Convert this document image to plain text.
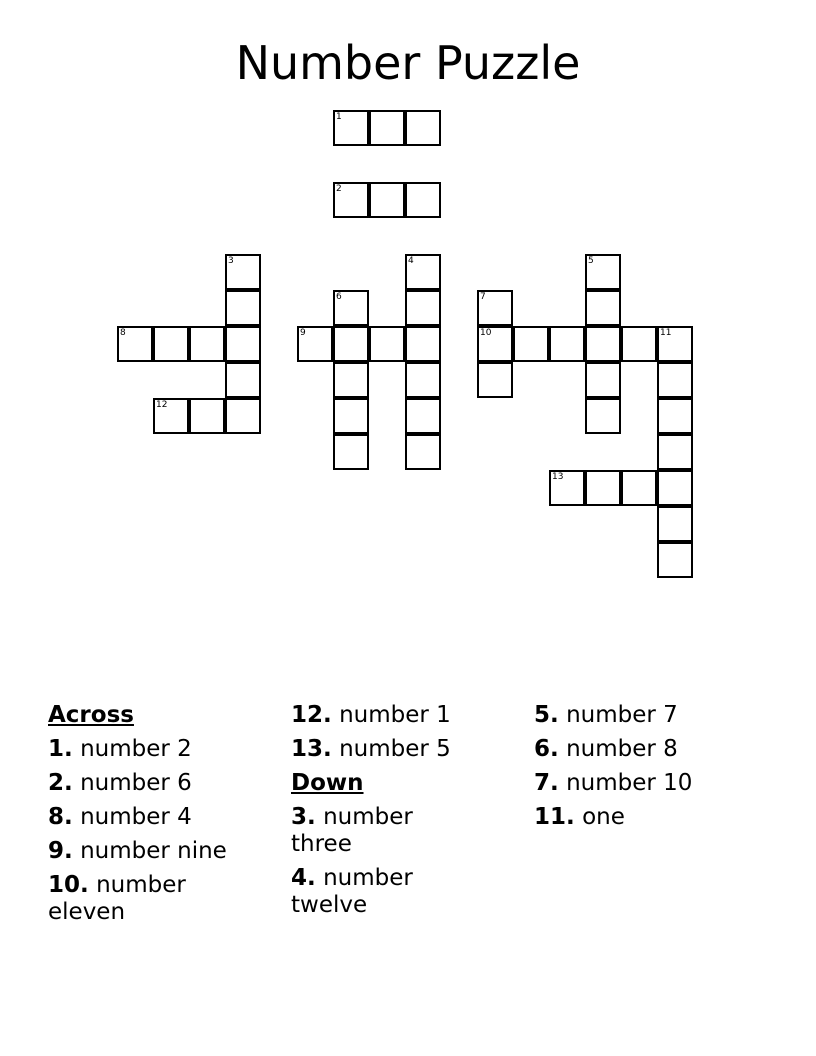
Number Puzzle
1
2
3	4	5
6	7
10
8	9	11
12
13
Across
1. number 2
2. number 6
8. number 4
9. number nine
10. number eleven
12. number 1
13. number 5
Down
3. number three
4. number twelve
5. number 7
6. number 8
7. number 10
11. one
